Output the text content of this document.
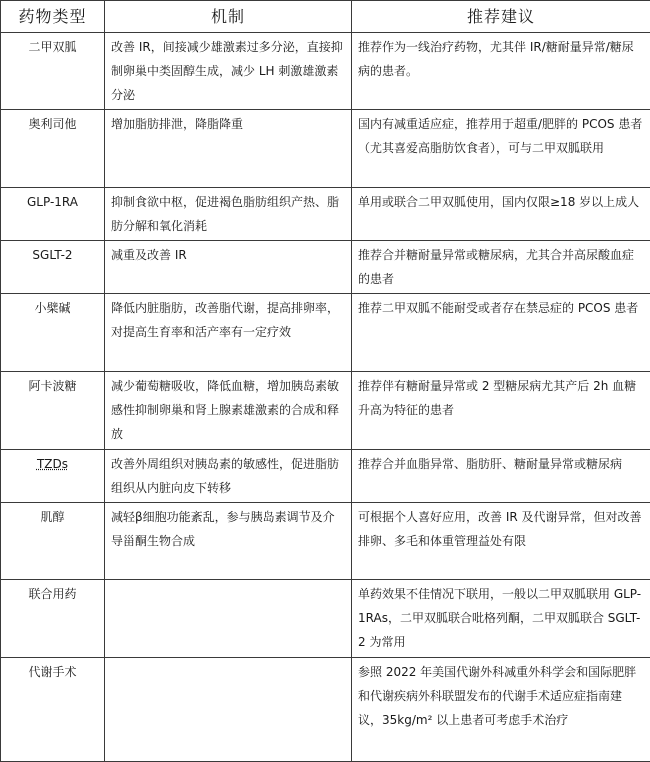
药物类型	机制	推荐建议
二甲双胍	改善 IR，间接减少雄激素过多分泌，直接抑制卵巢中类固醇生成，减少 LH 刺激雄激素分泌	推荐作为一线治疗药物，尤其伴 IR/糖耐量异常/糖尿病的患者。
奥利司他	增加脂肪排泄，降脂降重	国内有减重适应症，推荐用于超重/肥胖的 PCOS 患者（尤其喜爱高脂肪饮食者），可与二甲双胍联用
GLP-1RA	抑制食欲中枢，促进褐色脂肪组织产热、脂肪分解和氧化消耗	单用或联合二甲双胍使用，国内仅限≥18 岁以上成人
SGLT-2	减重及改善 IR	推荐合并糖耐量异常或糖尿病，尤其合并高尿酸血症的患者
小檗碱	降低内脏脂肪，改善脂代谢，提高排卵率，对提高生育率和活产率有一定疗效	推荐二甲双胍不能耐受或者存在禁忌症的 PCOS 患者
阿卡波糖	减少葡萄糖吸收，降低血糖，增加胰岛素敏感性抑制卵巢和肾上腺素雄激素的合成和释放	推荐伴有糖耐量异常或 2 型糖尿病尤其产后 2h 血糖升高为特征的患者
TZDs	改善外周组织对胰岛素的敏感性，促进脂肪组织从内脏向皮下转移	推荐合并血脂异常、脂肪肝、糖耐量异常或糖尿病
肌醇	减轻β细胞功能紊乱，参与胰岛素调节及介导甾酮生物合成	可根据个人喜好应用，改善 IR 及代谢异常，但对改善排卵、多毛和体重管理益处有限
联合用药		单药效果不佳情况下联用，一般以二甲双胍联用 GLP-1RAs，二甲双胍联合吡格列酮，二甲双胍联合 SGLT-2 为常用
代谢手术		参照 2022 年美国代谢外科减重外科学会和国际肥胖和代谢疾病外科联盟发布的代谢手术适应症指南建议，35kg/m² 以上患者可考虑手术治疗
